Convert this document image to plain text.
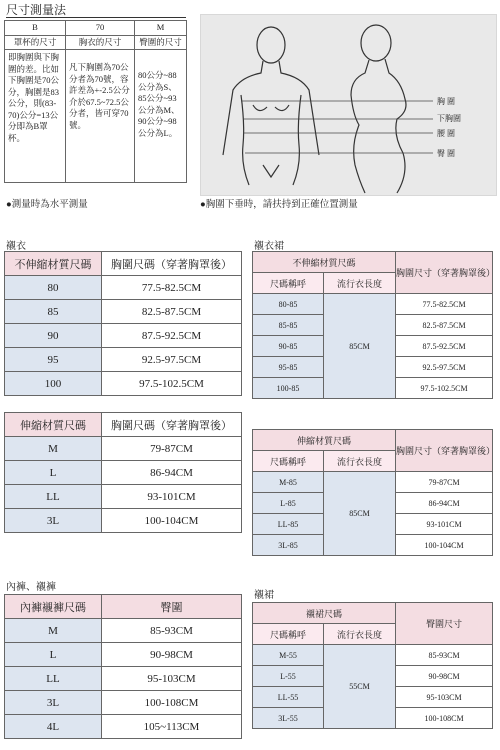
尺寸測量法
B	70	M
罩杯的尺寸	胸衣的尺寸	臀圍的尺寸
即胸圍與下胸圍的差。比如下胸圍是70公分，胸圍是83公分，則(83-70)公分=13公分即為B罩杯。	凡下胸圍為70公分者為70號，容許差為+-2.5公分介於67.5~72.5公分者，皆可穿70號。	80公分~88公分為S、85公分~93公分為M、90公分~98公分為L。
胸 圍
下胸圍
腰 圍
臀 圍
●測量時為水平測量	●胸圍下垂時，請扶持到正確位置測量
襯衣
不伸縮材質尺碼	胸圍尺碼（穿著胸罩後）
80	77.5-82.5CM
85	82.5-87.5CM
90	87.5-92.5CM
95	92.5-97.5CM
100	97.5-102.5CM
伸縮材質尺碼	胸圍尺碼（穿著胸罩後）
M	79-87CM
L	86-94CM
LL	93-101CM
3L	100-104CM
襯衣裙
不伸縮材質尺碼		胸圍尺寸（穿著胸罩後）
尺碼稱呼	流行衣長度	
80-85	85CM	77.5-82.5CM
85-85		82.5-87.5CM
90-85		87.5-92.5CM
95-85		92.5-97.5CM
100-85		97.5-102.5CM
伸縮材質尺碼		胸圍尺寸（穿著胸罩後）
尺碼稱呼	流行衣長度	
M-85	85CM	79-87CM
L-85		86-94CM
LL-85		93-101CM
3L-85		100-104CM
內褲、襯褲
內褲襯褲尺碼	臀圍
M	85-93CM
L	90-98CM
LL	95-103CM
3L	100-108CM
4L	105~113CM
襯裙
襯裙尺碼		臀圍尺寸
尺碼稱呼	流行衣長度	
M-55	55CM	85-93CM
L-55		90-98CM
LL-55		95-103CM
3L-55		100-108CM
